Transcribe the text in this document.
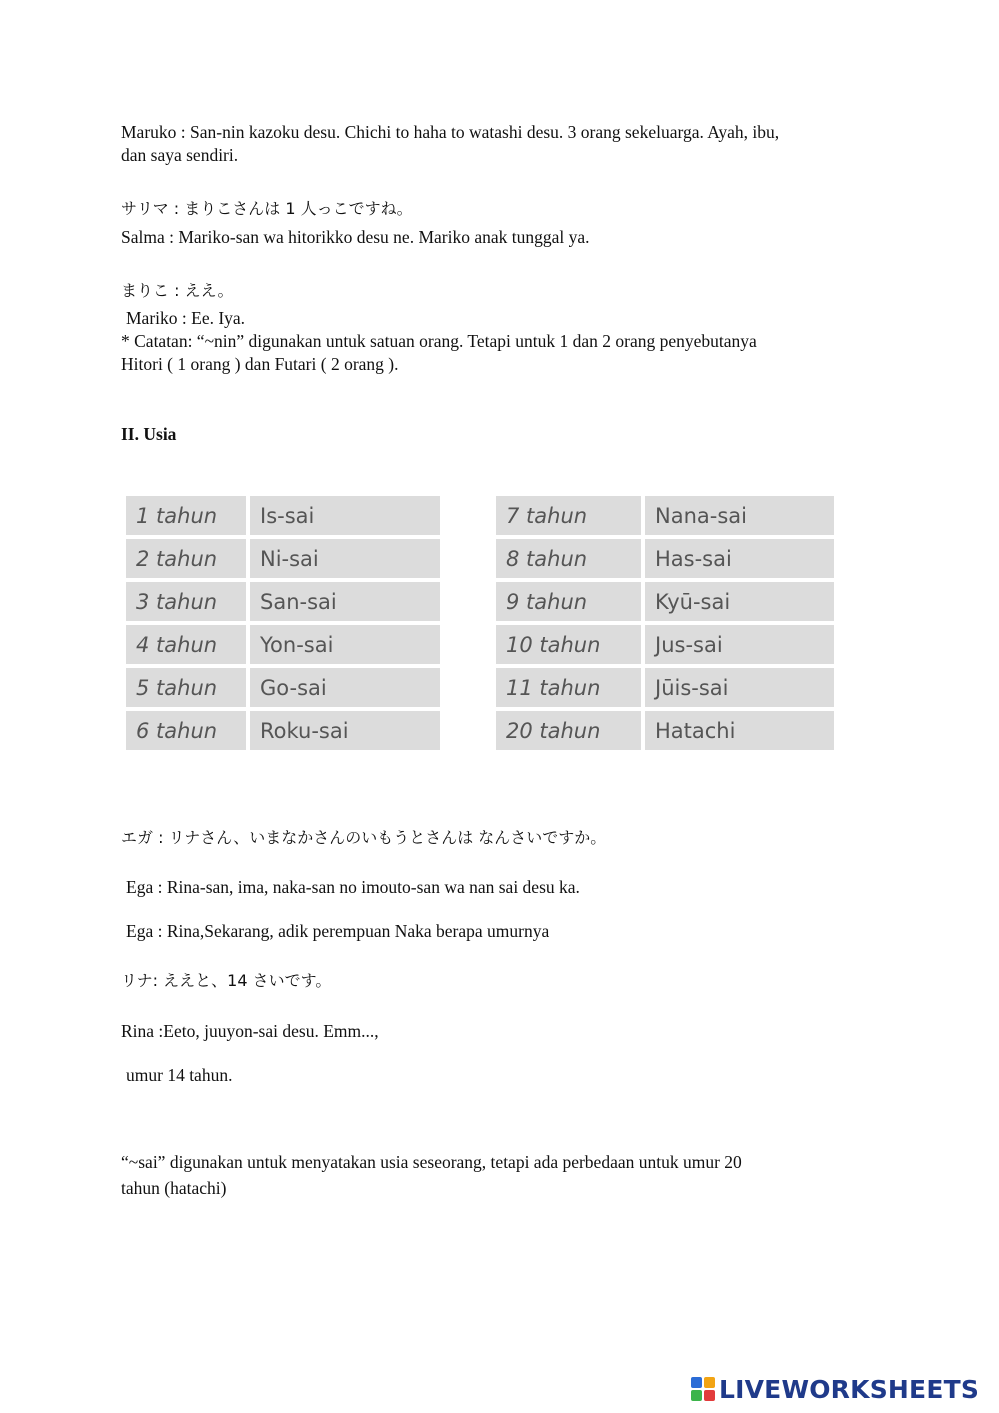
Maruko : San-nin kazoku desu. Chichi to haha to watashi desu. 3 orang sekeluarga. Ayah, ibu,
dan saya sendiri.
サリマ : まりこさんは 1 人っこですね。
Salma : Mariko-san wa hitorikko desu ne. Mariko anak tunggal ya.
まりこ : ええ。
Mariko : Ee. Iya.
* Catatan: “~nin” digunakan untuk satuan orang. Tetapi untuk 1 dan 2 orang penyebutanya
Hitori ( 1 orang ) dan Futari ( 2 orang ).
II. Usia
1 tahun	Is-sai
2 tahun	Ni-sai
3 tahun	San-sai
4 tahun	Yon-sai
5 tahun	Go-sai
6 tahun	Roku-sai
7 tahun	Nana-sai
8 tahun	Has-sai
9 tahun	Kyū-sai
10 tahun	Jus-sai
11 tahun	Jūis-sai
20 tahun	Hatachi
エガ : リナさん、いまなかさんのいもうとさんは なんさいですか。
Ega : Rina-san, ima, naka-san no imouto-san wa nan sai desu ka.
Ega : Rina,Sekarang, adik perempuan Naka berapa umurnya
リナ: ええと、14 さいです。
Rina :Eeto, juuyon-sai desu. Emm...,
umur 14 tahun.
“~sai” digunakan untuk menyatakan usia seseorang, tetapi ada perbedaan untuk umur 20
tahun (hatachi)
LIVEWORKSHEETS
